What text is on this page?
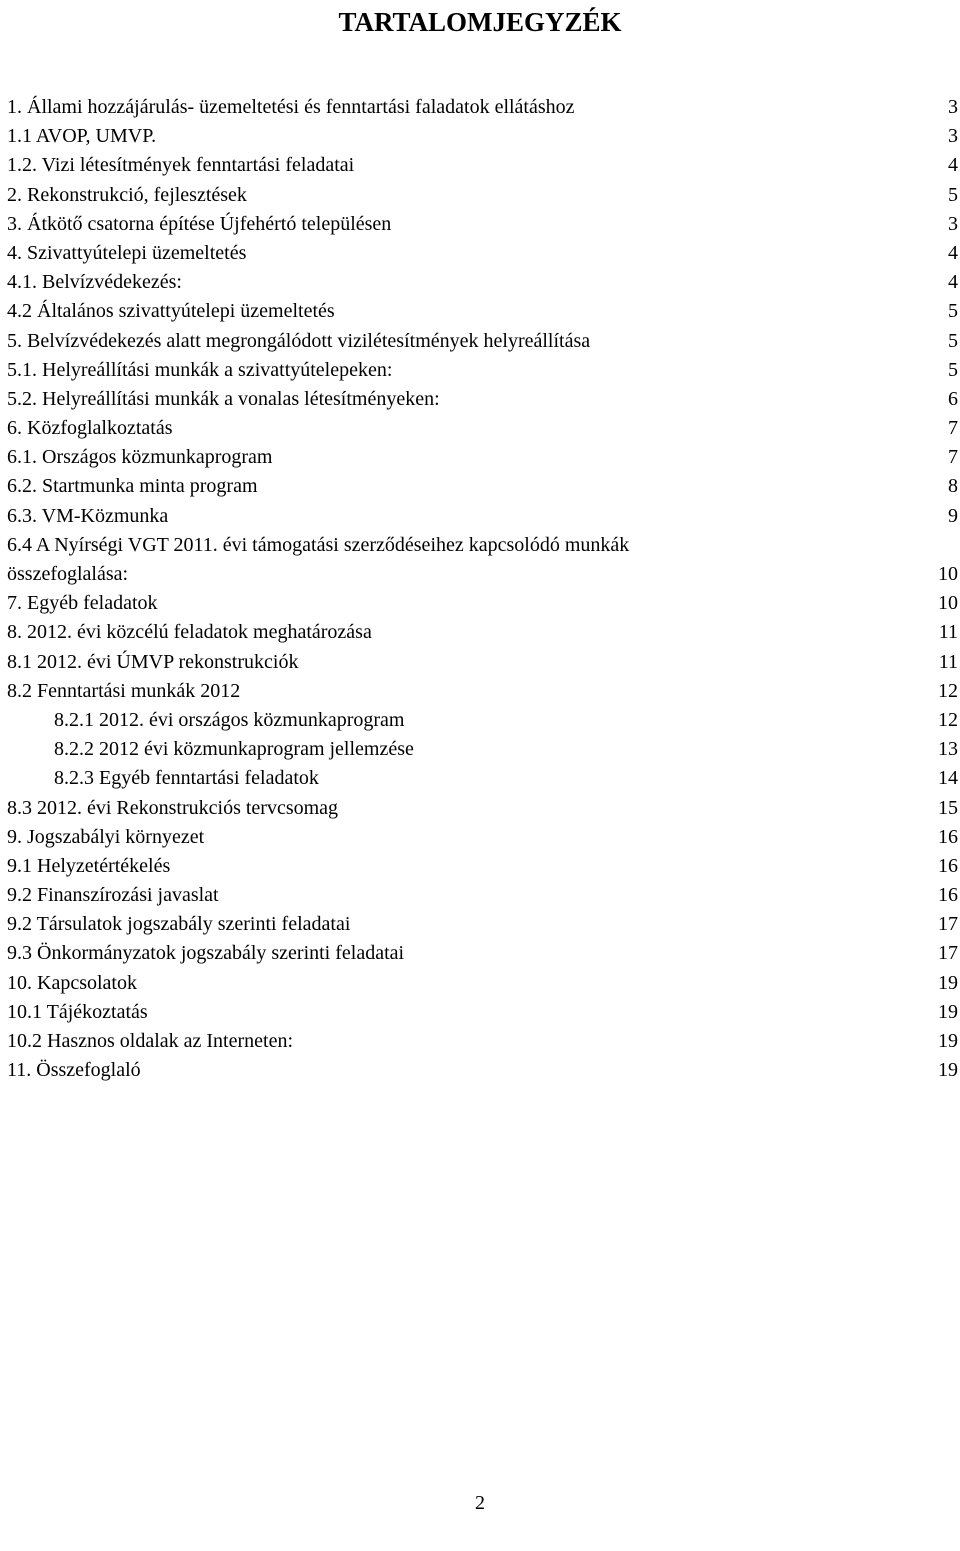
TARTALOMJEGYZÉK
1. Állami hozzájárulás- üzemeltetési és fenntartási faladatok ellátáshoz	3
1.1 AVOP, UMVP.	3
1.2. Vizi létesítmények fenntartási feladatai	4
2. Rekonstrukció, fejlesztések	5
3. Átkötő csatorna építése Újfehértó településen	3
4. Szivattyútelepi üzemeltetés	4
4.1. Belvízvédekezés:	4
4.2 Általános szivattyútelepi üzemeltetés	5
5. Belvízvédekezés alatt megrongálódott vizilétesítmények helyreállítása	5
5.1. Helyreállítási munkák a szivattyútelepeken:	5
5.2. Helyreállítási munkák a vonalas létesítményeken:	6
6. Közfoglalkoztatás	7
6.1. Országos közmunkaprogram	7
6.2. Startmunka minta program	8
6.3. VM-Közmunka	9
6.4 A Nyírségi VGT 2011. évi támogatási szerződéseihez kapcsolódó munkák
összefoglalása:	10
7. Egyéb feladatok	10
8. 2012. évi közcélú feladatok meghatározása	11
8.1 2012. évi ÚMVP rekonstrukciók	11
8.2 Fenntartási munkák 2012	12
8.2.1 2012. évi országos közmunkaprogram	12
8.2.2 2012 évi közmunkaprogram jellemzése	13
8.2.3 Egyéb fenntartási feladatok	14
8.3 2012. évi Rekonstrukciós tervcsomag	15
9. Jogszabályi környezet	16
9.1 Helyzetértékelés	16
9.2 Finanszírozási javaslat	16
9.2 Társulatok jogszabály szerinti feladatai	17
9.3 Önkormányzatok jogszabály szerinti feladatai	17
10. Kapcsolatok	19
10.1 Tájékoztatás	19
10.2 Hasznos oldalak az Interneten:	19
11. Összefoglaló	19
2
